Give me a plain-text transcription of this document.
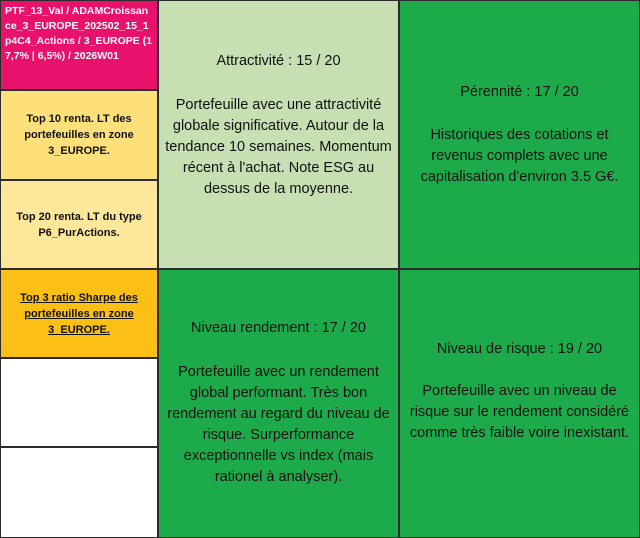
PTF_13_Val / ADAMCroissance_3_EUROPE_202502_15_1p4C4_Actions / 3_EUROPE (17,7% | 6,5%) / 2026W01
Top 10 renta. LT des portefeuilles en zone 3_EUROPE.
Top 20 renta. LT du type P6_PurActions.
Top 3 ratio Sharpe des portefeuilles en zone 3_EUROPE.
Attractivité : 15 / 20
Portefeuille avec une attractivité globale significative. Autour de la tendance 10 semaines. Momentum récent à l'achat. Note ESG au dessus de la moyenne.
Pérennité : 17 / 20
Historiques des cotations et revenus complets avec une capitalisation d'environ 3.5 G€.
Niveau rendement : 17 / 20
Portefeuille avec un rendement global performant. Très bon rendement au regard du niveau de risque. Surperformance exceptionnelle vs index (mais rationel à analyser).
Niveau de risque : 19 / 20
Portefeuille avec un niveau de risque sur le rendement considéré comme très faible voire inexistant.
